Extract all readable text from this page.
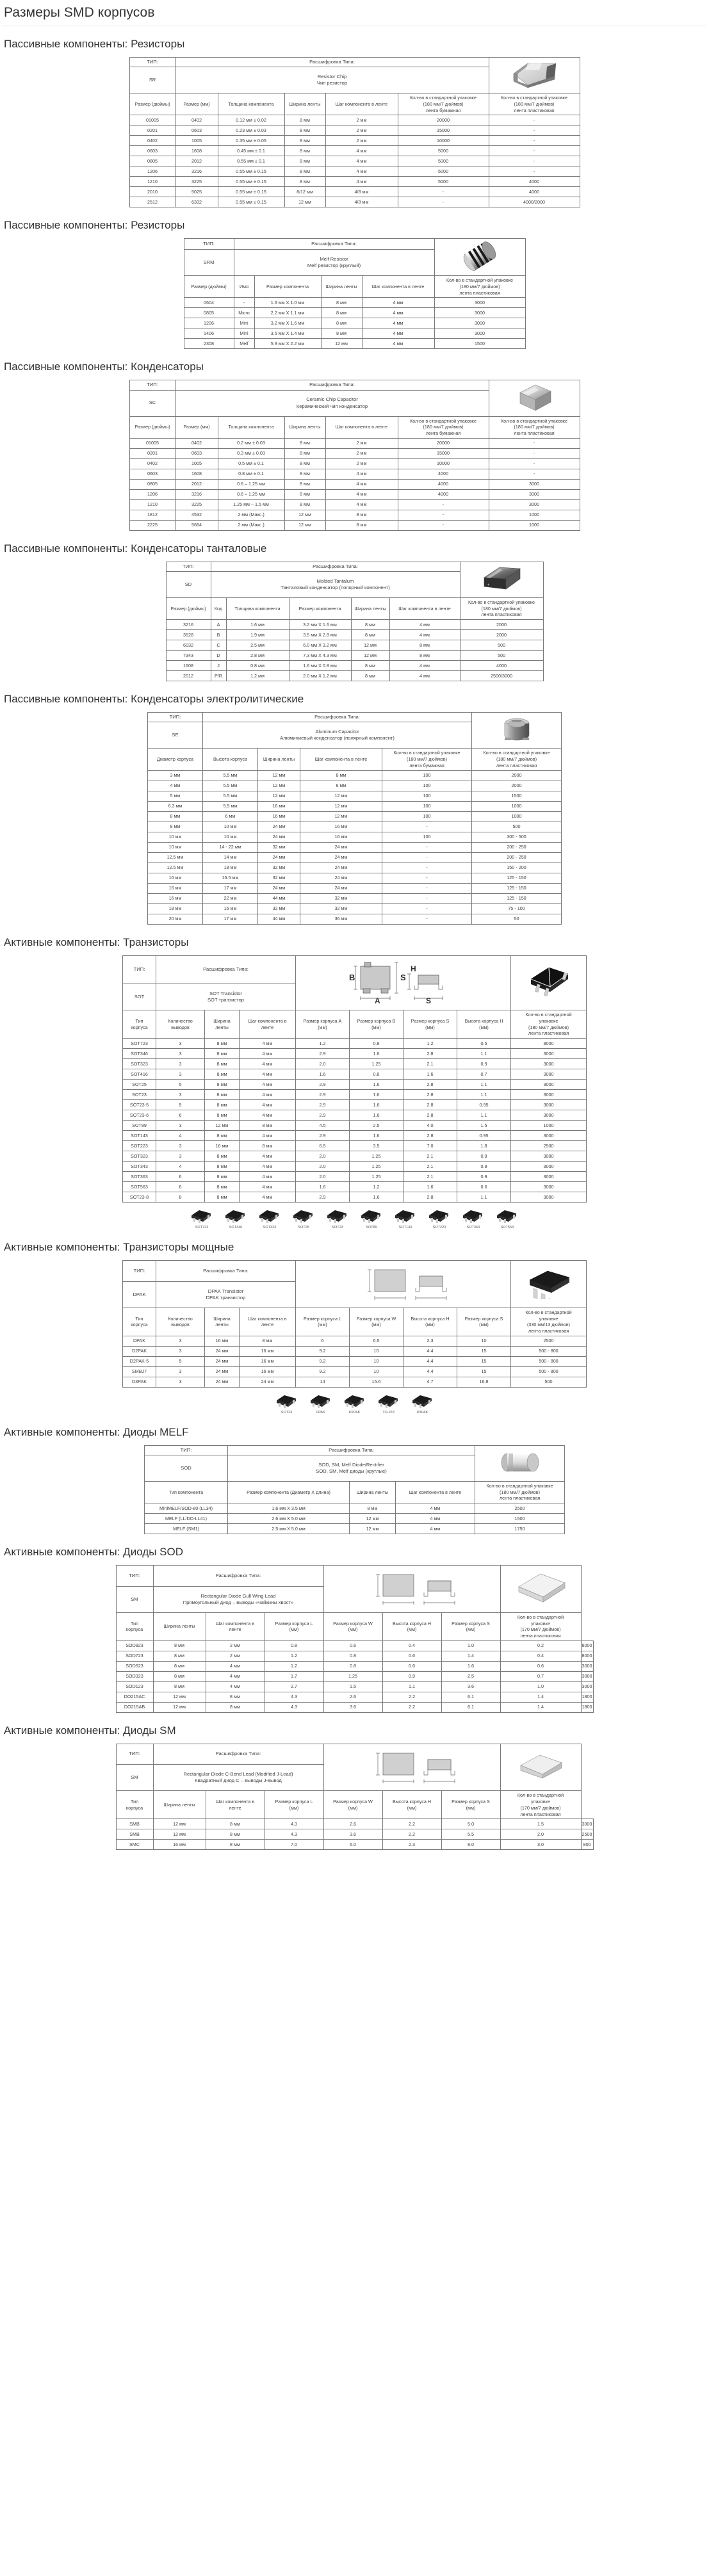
Размеры SMD корпусов
Пассивные компоненты: Резисторы
ТИП:	Расшифровка Типа:	
SR	Resistor Chip
Чип резистор					

Размер (дюймы)	Размер (мм)	Толщина компонента	Ширина ленты	Шаг компонента в ленте	Кол-во в стандартной упаковке
(180 мм/7 дюймов)
лента бумажная	Кол-во в стандартной упаковке
(180 мм/7 дюймов)
лента пластиковая

01005	0402	0.12 мм ± 0.02	8 мм	2 мм	20000	-
0201	0603	0.23 мм ± 0.03	8 мм	2 мм	15000	-
0402	1005	0.35 мм ± 0.05	8 мм	2 мм	10000	-
0603	1608	0.45 мм ± 0.1	8 мм	4 мм	5000	-
0805	2012	0.55 мм ± 0.1	8 мм	4 мм	5000	-
1206	3216	0.55 мм ± 0.15	8 мм	4 мм	5000	-
1210	3225	0.55 мм ± 0.15	8 мм	4 мм	5000	4000
2010	5025	0.55 мм ± 0.15	8/12 мм	4/8 мм	-	4000
2512	6332	0.55 мм ± 0.15	12 мм	4/8 мм	-	4000/2000
Пассивные компоненты: Резисторы
ТИП:	Расшифровка Типа:	
SRM	Melf Resistor
Melf резистор (круглый)				

Размер (дюймы)	Имя	Размер компонента	Ширина ленты	Шаг компонента в ленте	Кол-во в стандартной упаковке
(180 мм/7 дюймов)
лента пластиковая

0604	-	1.6 мм Х 1.0 мм	8 мм	4 мм	3000
0805	Micro	2.2 мм Х 1.1 мм	8 мм	4 мм	3000
1206	Mini	3.2 мм Х 1.6 мм	8 мм	4 мм	3000
1406	Mini	3.5 мм Х 1.4 мм	8 мм	4 мм	3000
2308	Melf	5.9 мм Х 2.2 мм	12 мм	4 мм	1500
Пассивные компоненты: Конденсаторы
ТИП:	Расшифровка Типа:	
SC	Ceramic Chip Capacitor
Керамический чип конденсатор					

Размер (дюймы)	Размер (мм)	Толщина компонента	Ширина ленты	Шаг компонента в ленте	Кол-во в стандартной упаковке
(180 мм/7 дюймов)
лента бумажная	Кол-во в стандартной упаковке
(180 мм/7 дюймов)
лента пластиковая

01005	0402	0.2 мм ± 0.03	8 мм	2 мм	20000	-
0201	0603	0.3 мм ± 0.03	8 мм	2 мм	15000	-
0402	1005	0.5 мм ± 0.1	8 мм	2 мм	10000	-
0603	1608	0.8 мм ± 0.1	8 мм	4 мм	4000	-
0805	2012	0.6 – 1.25 мм	8 мм	4 мм	4000	3000
1206	3216	0.6 – 1.25 мм	8 мм	4 мм	4000	3000
1210	3225	1.25 мм – 1.5 мм	8 мм	4 мм	-	3000
1812	4532	2 мм (Макс.)	12 мм	8 мм	-	1000
2225	5664	2 мм (Макс.)	12 мм	8 мм	-	1000
Пассивные компоненты: Конденсаторы танталовые
ТИП:	Расшифровка Типа:					+

SD	Molded Tantalum
Танталовый конденсатор (полярный компонент)					

Размер (дюймы)	Код	Толщина компонента	Размер компонента	Ширина ленты	Шаг компонента в ленте	Кол-во в стандартной упаковке
(180 мм/7 дюймов)
лента пластиковая

3216	A	1.6 мм	3.2 мм Х 1.6 мм	8 мм	4 мм	2000
3528	B	1.9 мм	3.5 мм Х 2.8 мм	8 мм	4 мм	2000
6032	C	2.5 мм	6.0 мм Х 3.2 мм	12 мм	8 мм	500
7343	D	2.8 мм	7.3 мм Х 4.3 мм	12 мм	8 мм	500
1608	J	0.8 мм	1.6 мм Х 0.8 мм	8 мм	4 мм	4000
2012	P/R	1.2 мм	2.0 мм Х 1.2 мм	8 мм	4 мм	2500/3000
Пассивные компоненты: Конденсаторы электролитические
ТИП:	Расшифровка Типа:	
SE	Aluminum Capacitor
Алюминиевый конденсатор (полярный компонент)				

Диаметр корпуса	Высота корпуса	Ширина ленты	Шаг компонента в ленте	Кол-во в стандартной упаковке
(180 мм/7 дюймов)
лента бумажная	Кол-во в стандартной упаковке
(180 мм/7 дюймов)
лента пластиковая

3 мм	5.5 мм	12 мм	8 мм	100	2000
4 мм	5.5 мм	12 мм	8 мм	100	2000
5 мм	5.5 мм	12 мм	12 мм	100	1500
6.3 мм	5.5 мм	16 мм	12 мм	100	1000
8 мм	6 мм	16 мм	12 мм	100	1000
8 мм	10 мм	24 мм	16 мм	-	500
10 мм	10 мм	24 мм	16 мм	100	300 - 500
10 мм	14 - 22 мм	32 мм	24 мм	-	200 - 250
12.5 мм	14 мм	24 мм	24 мм	-	200 - 250
12.5 мм	18 мм	32 мм	24 мм	-	150 - 200
16 мм	16.5 мм	32 мм	24 мм	-	125 - 150
16 мм	17 мм	24 мм	24 мм	-	125 - 150
16 мм	22 мм	44 мм	32 мм	-	125 - 150
18 мм	16 мм	32 мм	32 мм	-	75 - 100
20 мм	17 мм	44 мм	36 мм	-	50
Активные компоненты: Транзисторы
ТИП:	Расшифровка Типа:			B S
A S
H

SOT	SOT Transistor
SOT транзистор							

Тип
корпуса	Количество
выводов	Ширина
ленты	Шаг компонента в
ленте	Размер корпуса A
(мм)	Размер корпуса B
(мм)	Размер корпуса S
(мм)	Высота корпуса H
(мм)	Кол-во в стандартной
упаковке
(180 мм/7 дюймов)
лента пластиковая

SOT723	3	8 мм	4 мм	1.2	0.8	1.2	0.5	8000
SOT346	3	8 мм	4 мм	2.9	1.6	2.8	1.1	3000
SOT323	3	8 мм	4 мм	2.0	1.25	2.1	0.9	3000
SOT416	3	8 мм	4 мм	1.6	0.8	1.6	0.7	3000
SOT25	5	8 мм	4 мм	2.9	1.6	2.8	1.1	3000
SOT23	3	8 мм	4 мм	2.9	1.6	2.8	1.1	3000
SOT23-5	5	8 мм	4 мм	2.9	1.6	2.8	0.95	3000
SOT23-6	6	8 мм	4 мм	2.9	1.6	2.8	1.1	3000
SOT89	3	12 мм	8 мм	4.5	2.5	4.0	1.5	1000
SOT143	4	8 мм	4 мм	2.9	1.6	2.8	0.95	3000
SOT223	3	16 мм	8 мм	6.5	3.5	7.0	1.8	2500
SOT323	3	8 мм	4 мм	2.0	1.25	2.1	0.9	3000
SOT343	4	8 мм	4 мм	2.0	1.25	2.1	0.9	3000
SOT363	6	8 мм	4 мм	2.0	1.25	2.1	0.9	3000
SOT563	6	8 мм	4 мм	1.6	1.2	1.6	0.6	3000
SOT23-8	8	8 мм	4 мм	2.9	1.6	2.8	1.1	3000
SOT723	SOT346	SOT323	SOT25	SOT23	SOT89	SOT143	SOT223	SOT363	SOT563
Активные компоненты: Транзисторы мощные
ТИП:	Расшифровка Типа:		
DPAK	DPAK Transistor
DPAK транзистор							

Тип
корпуса	Количество
выводов	Ширина
ленты	Шаг компонента в
ленте	Размер корпуса L
(мм)	Размер корпуса W
(мм)	Высота корпуса H
(мм)	Размер корпуса S
(мм)	Кол-во в стандартной
упаковке
(330 мм/13 дюймов)
лента пластиковая

DPAK	3	16 мм	8 мм	6	6.5	2.3	10	2500
D2PAK	3	24 мм	16 мм	9.2	10	4.4	15	500 - 800
D2PAK-5	5	24 мм	16 мм	9.2	10	4.4	15	500 - 800
SMBJ7	3	24 мм	16 мм	9.2	10	4.4	15	500 - 800
D3PAK	3	24 мм	24 мм	14	15.6	4.7	16.8	500
SOT23	DPAK	D2PAK	TO-263	D3PAK
Активные компоненты: Диоды MELF
ТИП:	Расшифровка Типа:	
SOD	SOD, SM, Melf Diode/Rectifier
SOD, SM, Melf диоды (круглые)			

Тип компонента	Размер компонента (Диаметр Х длина)	Ширина ленты	Шаг компонента в ленте	Кол-во в стандартной упаковке
(180 мм/7 дюймов)
лента пластиковая

MiniMELF/SOD-80 (LL34)	1.6 мм Х 3.5 мм	8 мм	4 мм	2500
MELF (LL/DO-LL41)	2.6 мм Х 5.0 мм	12 мм	4 мм	1500
MELF (SM1)	2.5 мм Х 5.0 мм	12 мм	4 мм	1750
Активные компоненты: Диоды SOD
ТИП:	Расшифровка Типа:		
SM	Rectangular Diode Gull Wing Lead
Прямоугольный диод – выводы «чайкины хвост»							

Тип
корпуса	Ширина ленты	Шаг компонента в
ленте	Размер корпуса L
(мм)	Размер корпуса W
(мм)	Высота корпуса H
(мм)	Размер корпуса S
(мм)	Кол-во в стандартной
упаковке
(170 мм/7 дюймов)
лента пластиковая	

SOD923	8 мм	2 мм	0.8	0.6	0.4	1.0	0.2	8000
SOD723	8 мм	2 мм	1.2	0.8	0.6	1.4	0.4	8000
SOD523	8 мм	4 мм	1.2	0.8	0.6	1.6	0.6	3000
SOD323	8 мм	4 мм	1.7	1.25	0.9	2.5	0.7	3000
SOD123	8 мм	4 мм	2.7	1.5	1.1	3.6	1.0	3000
DO215AC	12 мм	8 мм	4.3	2.6	2.2	6.1	1.4	1800
DO215AB	12 мм	8 мм	4.3	3.6	2.2	6.1	1.4	1800
Активные компоненты: Диоды SM
ТИП:	Расшифровка Типа:		
SM	Rectangular Diode C-Bend Lead (Modified J-Lead)
Квадратный диод C – выводы J-вывод							

Тип
корпуса	Ширина ленты	Шаг компонента в
ленте	Размер корпуса L
(мм)	Размер корпуса W
(мм)	Высота корпуса H
(мм)	Размер корпуса S
(мм)	Кол-во в стандартной
упаковке
(170 мм/7 дюймов)
лента пластиковая	

SMB	12 мм	8 мм	4.3	2.6	2.2	5.0	1.5	3000
SMB	12 мм	8 мм	4.3	3.6	2.2	5.5	2.0	2500
SMC	16 мм	8 мм	7.0	6.0	2.3	8.0	3.0	800
